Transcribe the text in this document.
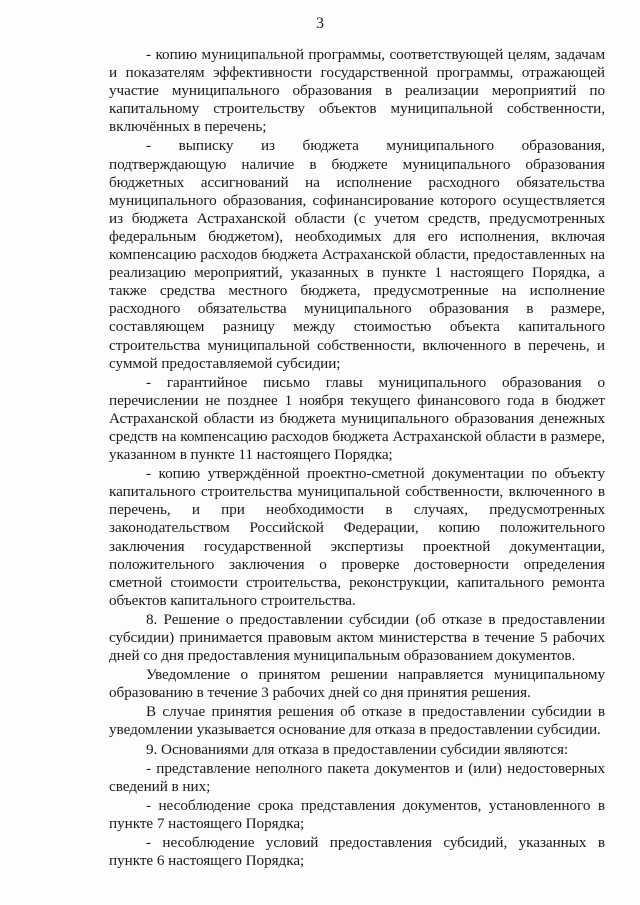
3

- копию муниципальной программы, соответствующей целям, задачам и показателям эффективности государственной программы, отражающей участие муниципального образования в реализации мероприятий по капитальному строительству объектов муниципальной собственности, включённых в перечень;

- выписку из бюджета муниципального образования, подтверждающую наличие в бюджете муниципального образования бюджетных ассигнований на исполнение расходного обязательства муниципального образования, софинансирование которого осуществляется из бюджета Астраханской области (с учетом средств, предусмотренных федеральным бюджетом), необходимых для его исполнения, включая компенсацию расходов бюджета Астраханской области, предоставленных на реализацию мероприятий, указанных в пункте 1 настоящего Порядка, а также средства местного бюджета, предусмотренные на исполнение расходного обязательства муниципального образования в размере, составляющем разницу между стоимостью объекта капитального строительства муниципальной собственности, включенного в перечень, и суммой предоставляемой субсидии;

- гарантийное письмо главы муниципального образования о перечислении не позднее 1 ноября текущего финансового года в бюджет Астраханской области из бюджета муниципального образования денежных средств на компенсацию расходов бюджета Астраханской области в размере, указанном в пункте 11 настоящего Порядка;

- копию утверждённой проектно-сметной документации по объекту капитального строительства муниципальной собственности, включенного в перечень, и при необходимости в случаях, предусмотренных законодательством Российской Федерации, копию положительного заключения государственной экспертизы проектной документации, положительного заключения о проверке достоверности определения сметной стоимости строительства, реконструкции, капитального ремонта объектов капитального строительства.

8. Решение о предоставлении субсидии (об отказе в предоставлении субсидии) принимается правовым актом министерства в течение 5 рабочих дней со дня предоставления муниципальным образованием документов.

Уведомление о принятом решении направляется муниципальному образованию в течение 3 рабочих дней со дня принятия решения.

В случае принятия решения об отказе в предоставлении субсидии в уведомлении указывается основание для отказа в предоставлении субсидии.

9. Основаниями для отказа в предоставлении субсидии являются:

- представление неполного пакета документов и (или) недостоверных сведений в них;

- несоблюдение срока представления документов, установленного в пункте 7 настоящего Порядка;

- несоблюдение условий предоставления субсидий, указанных в пункте 6 настоящего Порядка;
